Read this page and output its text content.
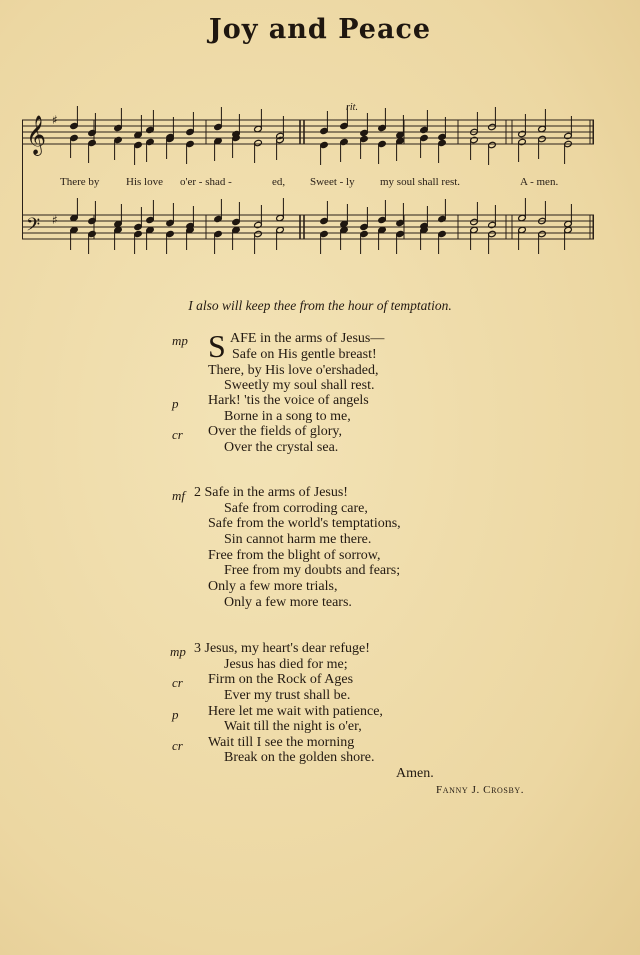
Joy and Peace
𝄞
𝄢
♯
♯
rit.
There by His love o'er - shad -	ed, Sweet - ly my soul shall rest.	A - men.
I also will keep thee from the hour of temptation.
S
mp	AFE in the arms of Jesus—
Safe on His gentle breast!
There, by His love o'ershaded,
Sweetly my soul shall rest.
p Hark! 'tis the voice of angels
Borne in a song to me,
cr Over the fields of glory,
Over the crystal sea.
mf 2 Safe in the arms of Jesus!
Safe from corroding care,
Safe from the world's temptations,
Sin cannot harm me there.
Free from the blight of sorrow,
Free from my doubts and fears;
Only a few more trials,
Only a few more tears.
mp 3 Jesus, my heart's dear refuge!
Jesus has died for me;
cr Firm on the Rock of Ages
Ever my trust shall be.
p Here let me wait with patience,
Wait till the night is o'er,
cr Wait till I see the morning
Break on the golden shore.
Amen.
Fanny J. Crosby.
